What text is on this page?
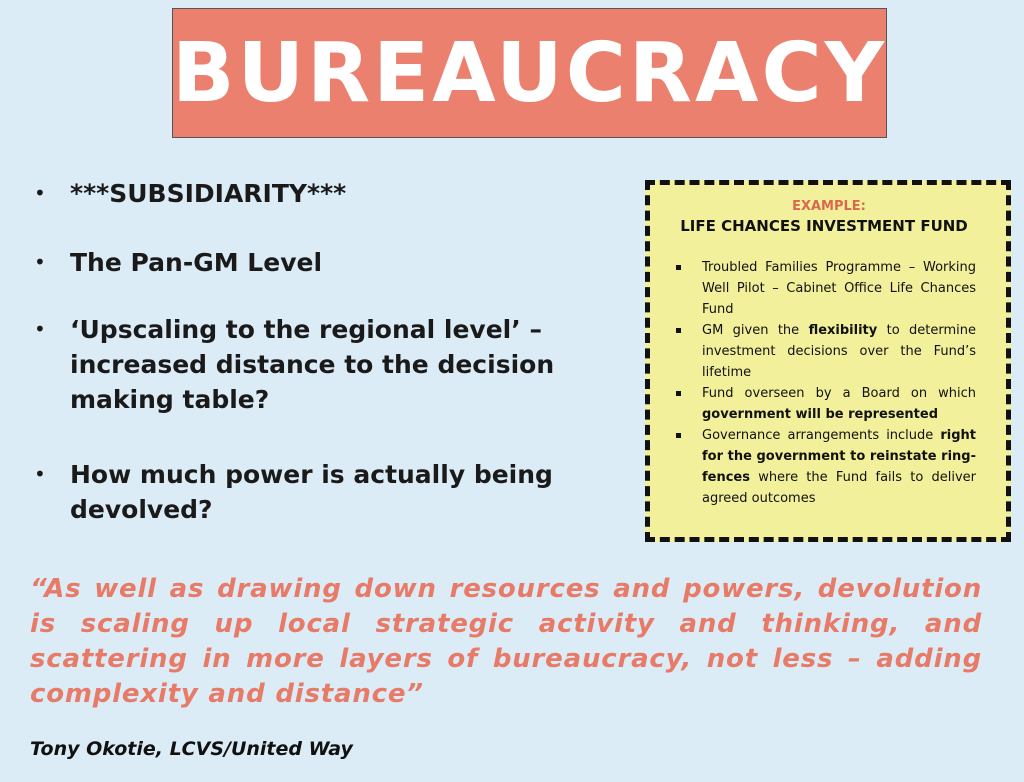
BUREAUCRACY
• ***SUBSIDIARITY***
• The Pan-GM Level
• ‘Upscaling to the regional level’ – increased distance to the decision making table?
• How much power is actually being devolved?
EXAMPLE:
LIFE CHANCES INVESTMENT FUND
Troubled Families Programme – Working Well Pilot – Cabinet Office Life Chances Fund
GM given the flexibility to determine investment decisions over the Fund’s lifetime
Fund overseen by a Board on which government will be represented
Governance arrangements include right for the government to reinstate ring-fences where the Fund fails to deliver agreed outcomes
“As well as drawing down resources and powers, devolution is scaling up local strategic activity and thinking, and scattering in more layers of bureaucracy, not less – adding complexity and distance”
Tony Okotie, LCVS/United Way
